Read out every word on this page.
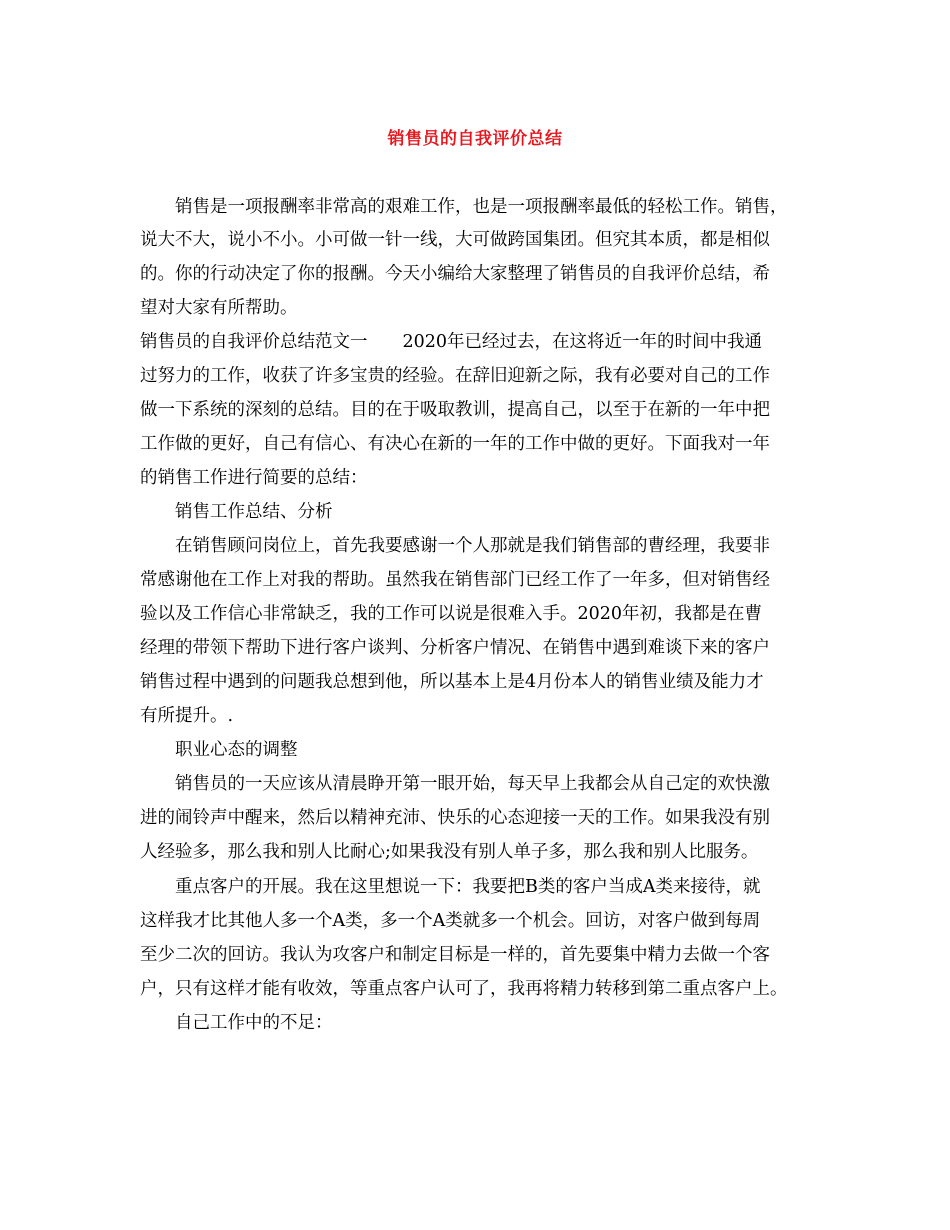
销售员的自我评价总结
销售是一项报酬率非常高的艰难工作，也是一项报酬率最低的轻松工作。销售，
说大不大，说小不小。小可做一针一线，大可做跨国集团。但究其本质，都是相似
的。你的行动决定了你的报酬。今天小编给大家整理了销售员的自我评价总结，希
望对大家有所帮助。
销售员的自我评价总结范文一　　2020年已经过去，在这将近一年的时间中我通
过努力的工作，收获了许多宝贵的经验。在辞旧迎新之际，我有必要对自己的工作
做一下系统的深刻的总结。目的在于吸取教训，提高自己，以至于在新的一年中把
工作做的更好，自己有信心、有决心在新的一年的工作中做的更好。下面我对一年
的销售工作进行简要的总结：
销售工作总结、分析
在销售顾问岗位上，首先我要感谢一个人那就是我们销售部的曹经理，我要非
常感谢他在工作上对我的帮助。虽然我在销售部门已经工作了一年多，但对销售经
验以及工作信心非常缺乏，我的工作可以说是很难入手。2020年初，我都是在曹
经理的带领下帮助下进行客户谈判、分析客户情况、在销售中遇到难谈下来的客户
销售过程中遇到的问题我总想到他，所以基本上是4月份本人的销售业绩及能力才
有所提升。.
职业心态的调整
销售员的一天应该从清晨睁开第一眼开始，每天早上我都会从自己定的欢快激
进的闹铃声中醒来，然后以精神充沛、快乐的心态迎接一天的工作。如果我没有别
人经验多，那么我和别人比耐心;如果我没有别人单子多，那么我和别人比服务。
重点客户的开展。我在这里想说一下：我要把B类的客户当成A类来接待，就
这样我才比其他人多一个A类，多一个A类就多一个机会。回访，对客户做到每周
至少二次的回访。我认为攻客户和制定目标是一样的，首先要集中精力去做一个客
户，只有这样才能有收效，等重点客户认可了，我再将精力转移到第二重点客户上。
自己工作中的不足：
